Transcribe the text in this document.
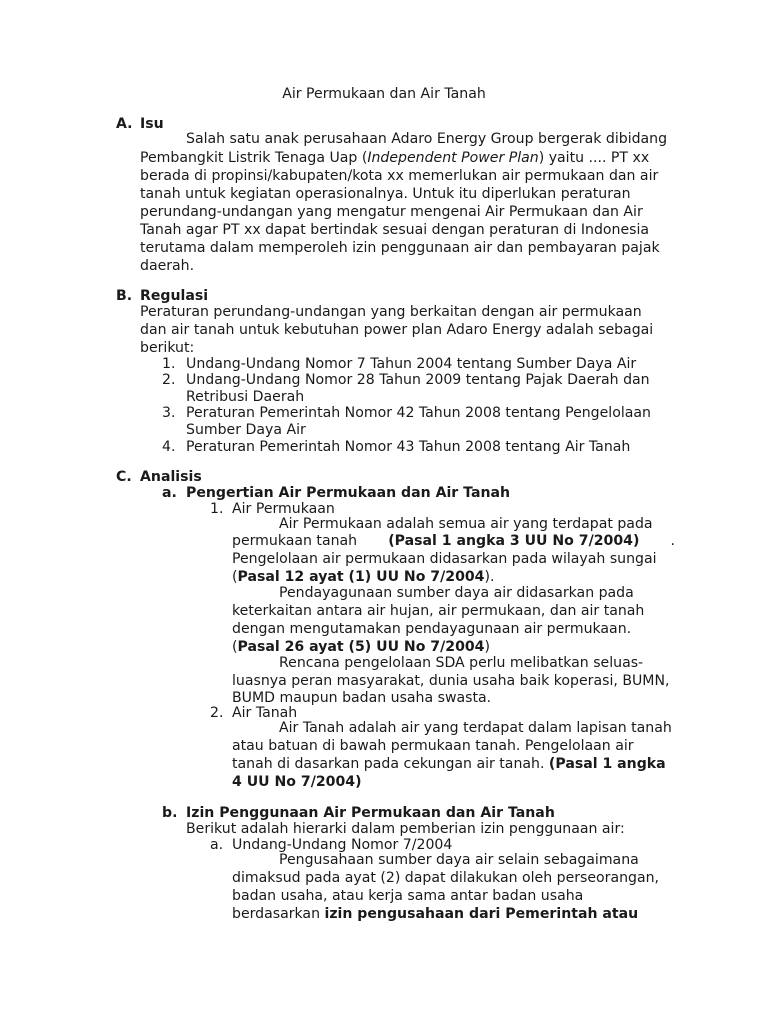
Air Permukaan dan Air Tanah
A. Isu
Salah satu anak perusahaan Adaro Energy Group bergerak dibidang
Pembangkit Listrik Tenaga Uap (Independent Power Plan) yaitu .... PT xx
berada di propinsi/kabupaten/kota xx memerlukan air permukaan dan air
tanah untuk kegiatan operasionalnya. Untuk itu diperlukan peraturan
perundang-undangan yang mengatur mengenai Air Permukaan dan Air
Tanah agar PT xx dapat bertindak sesuai dengan peraturan di Indonesia
terutama dalam memperoleh izin penggunaan air dan pembayaran pajak
daerah.
B. Regulasi
Peraturan perundang-undangan yang berkaitan dengan air permukaan
dan air tanah untuk kebutuhan power plan Adaro Energy adalah sebagai
berikut:
1. Undang-Undang Nomor 7 Tahun 2004 tentang Sumber Daya Air
2. Undang-Undang Nomor 28 Tahun 2009 tentang Pajak Daerah dan
Retribusi Daerah
3. Peraturan Pemerintah Nomor 42 Tahun 2008 tentang Pengelolaan
Sumber Daya Air
4. Peraturan Pemerintah Nomor 43 Tahun 2008 tentang Air Tanah
C. Analisis
a. Pengertian Air Permukaan dan Air Tanah
1. Air Permukaan
Air Permukaan adalah semua air yang terdapat pada
permukaan tanah (Pasal 1 angka 3 UU No 7/2004) .
Pengelolaan air permukaan didasarkan pada wilayah sungai
(Pasal 12 ayat (1) UU No 7/2004).
Pendayagunaan sumber daya air didasarkan pada
keterkaitan antara air hujan, air permukaan, dan air tanah
dengan mengutamakan pendayagunaan air permukaan.
(Pasal 26 ayat (5) UU No 7/2004)
Rencana pengelolaan SDA perlu melibatkan seluas-
luasnya peran masyarakat, dunia usaha baik koperasi, BUMN,
BUMD maupun badan usaha swasta.
2. Air Tanah
Air Tanah adalah air yang terdapat dalam lapisan tanah
atau batuan di bawah permukaan tanah. Pengelolaan air
tanah di dasarkan pada cekungan air tanah. (Pasal 1 angka
4 UU No 7/2004)
b. Izin Penggunaan Air Permukaan dan Air Tanah
Berikut adalah hierarki dalam pemberian izin penggunaan air:
a. Undang-Undang Nomor 7/2004
Pengusahaan sumber daya air selain sebagaimana
dimaksud pada ayat (2) dapat dilakukan oleh perseorangan,
badan usaha, atau kerja sama antar badan usaha
berdasarkan izin pengusahaan dari Pemerintah atau
